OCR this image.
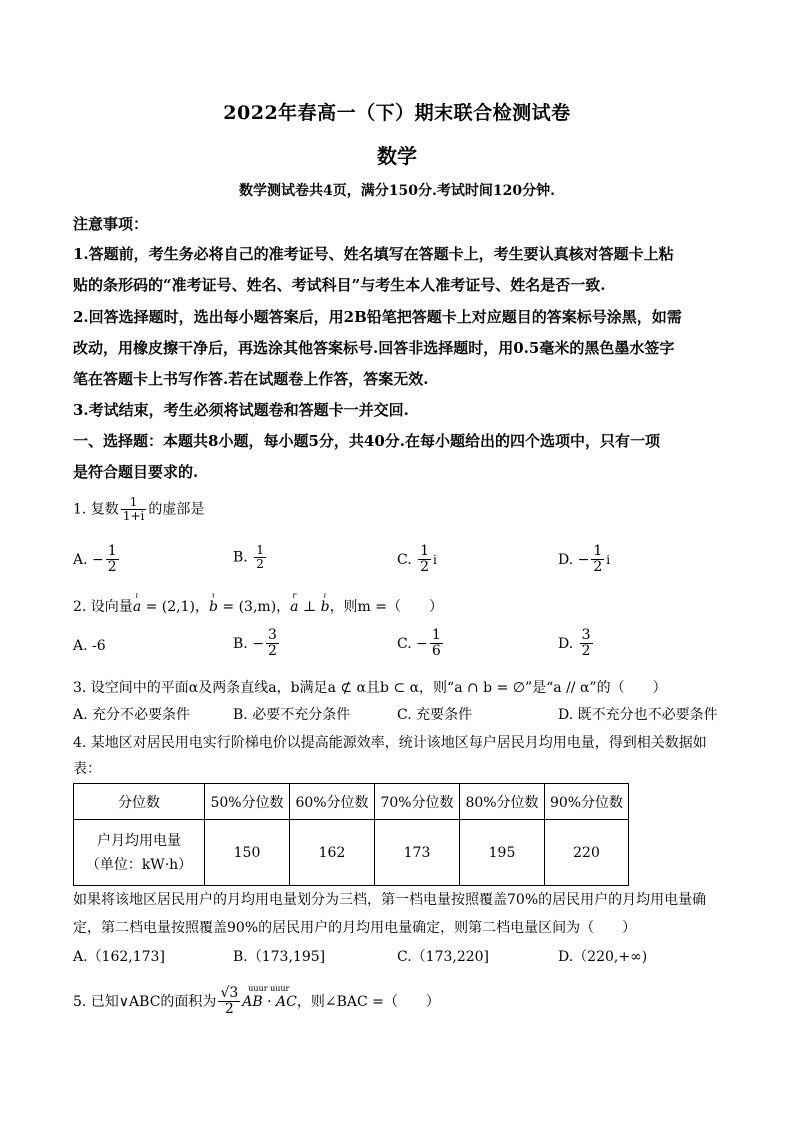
2022年春高一（下）期末联合检测试卷
数学
数学测试卷共4页，满分150分.考试时间120分钟.
注意事项：
1.答题前，考生务必将自己的准考证号、姓名填写在答题卡上，考生要认真核对答题卡上粘
贴的条形码的“准考证号、姓名、考试科目”与考生本人准考证号、姓名是否一致.
2.回答选择题时，选出每小题答案后，用2B铅笔把答题卡上对应题目的答案标号涂黑，如需
改动，用橡皮擦干净后，再选涂其他答案标号.回答非选择题时，用0.5毫米的黑色墨水签字
笔在答题卡上书写作答.若在试题卷上作答，答案无效.
3.考试结束，考生必须将试题卷和答题卡一并交回.
一、选择题：本题共8小题，每小题5分，共40分.在每小题给出的四个选项中，只有一项
是符合题目要求的.
1. 复数 $\frac{1}{1+i}$ 的虚部是
A. − $\frac{1}{2}$	B. $\frac{1}{2}$	C. $\frac{1}{2}$ i	D. − $\frac{1}{2}$ i
2. 设向量
ɩ
a = (2,1)，
ɩ
b = (3,m)，
r
a ⊥
ɩ
b，则m =（　　）
A. -6	B. − $\frac{3}{2}$	C. − $\frac{1}{6}$	D. $\frac{3}{2}$
3. 设空间中的平面α及两条直线a，b满足a ⊄ α且b ⊂ α，则“a ∩ b = ∅”是“a // α”的（　　）
A. 充分不必要条件	B. 必要不充分条件	C. 充要条件	D. 既不充分也不必要条件
4. 某地区对居民用电实行阶梯电价以提高能源效率，统计该地区每户居民月均用电量，得到相关数据如
表：
分位数	50%分位数	60%分位数	70%分位数	80%分位数	90%分位数

户月均用电量
（单位：kW·h）	150	162	173	195	220
如果将该地区居民用户的月均用电量划分为三档，第一档电量按照覆盖70%的居民用户的月均用电量确
定，第二档电量按照覆盖90%的居民用户的月均用电量确定，则第二档电量区间为（　　）
A.（162,173]	B.（173,195]	C.（173,220]	D.（220,+∞)
5. 已知∨ABC的面积为 $\frac{√3}{2}$ uuur uuur
AB · AC，则∠BAC =（　　）
